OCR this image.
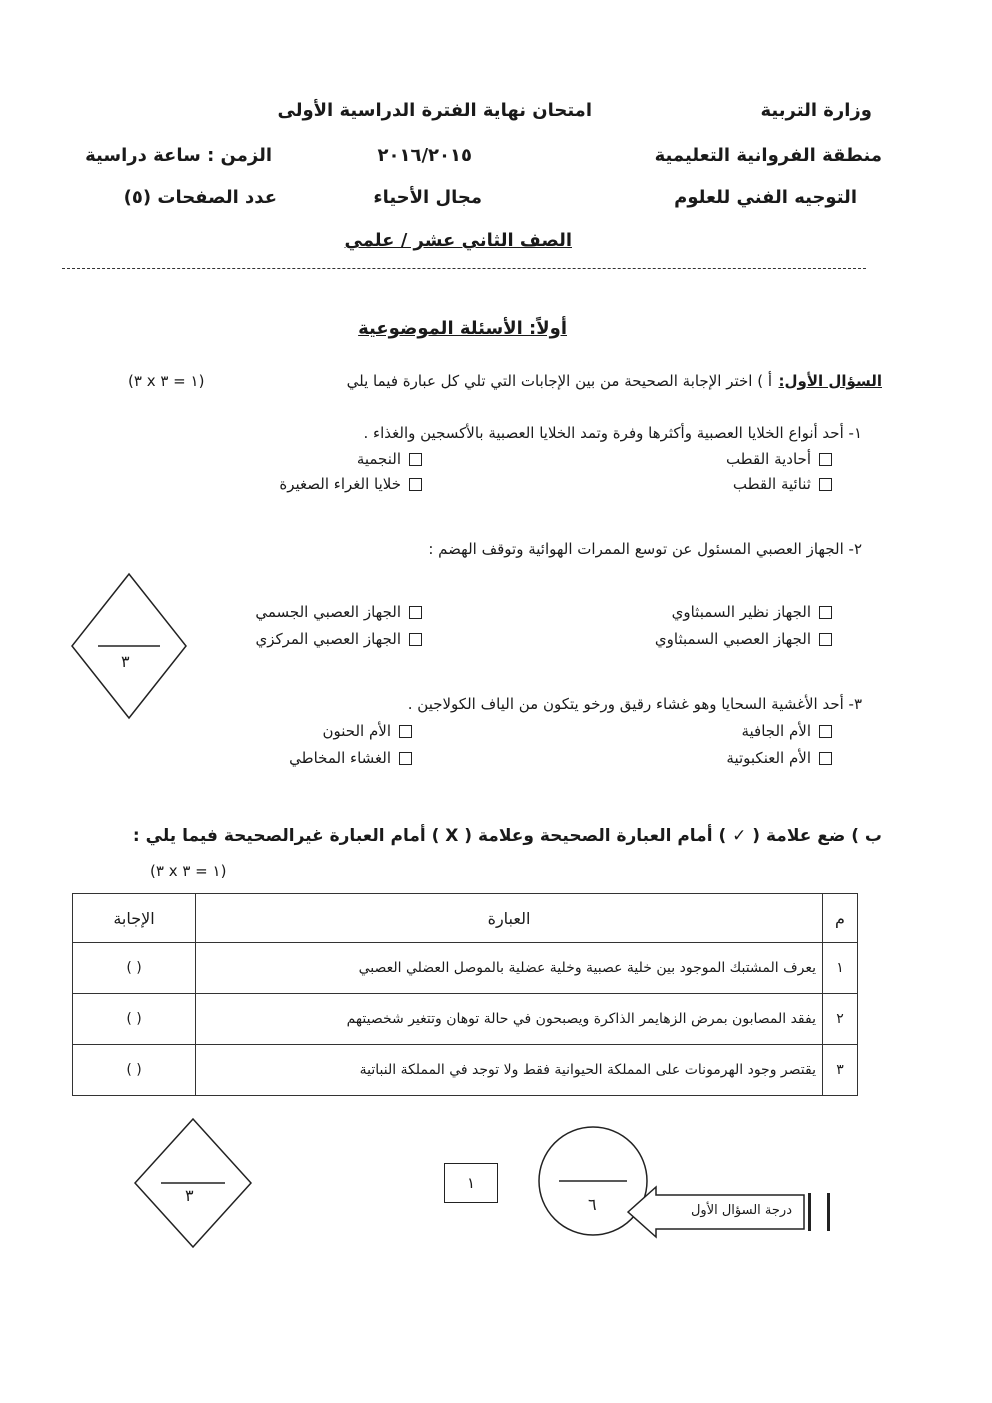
وزارة التربية
امتحان نهاية الفترة الدراسية الأولى
منطقة الفروانية التعليمية
٢٠١٦/٢٠١٥
الزمن : ساعة دراسية
التوجيه الفني للعلوم
مجال الأحياء
عدد الصفحات (٥)
الصف الثاني عشر / علمي
أولاً: الأسئلة الموضوعية
السؤال الأول:
أ ) اختر الإجابة الصحيحة من بين الإجابات التي تلي كل عبارة فيما يلي
(٣ x ١ = ٣)
١- أحد أنواع الخلايا العصبية وأكثرها وفرة وتمد الخلايا العصبية بالأكسجين والغذاء .
أحادية القطب
النجمية
ثنائية القطب
خلايا الغراء الصغيرة
٢- الجهاز العصبي المسئول عن توسع الممرات الهوائية وتوقف الهضم :
الجهاز نظير السمبثاوي
الجهاز العصبي الجسمي
الجهاز العصبي السمبثاوي
الجهاز العصبي المركزي
٣
٣- أحد الأغشية السحايا وهو غشاء رقيق ورخو يتكون من الياف الكولاجين .
الأم الجافية
الأم الحنون
الأم العنكبوتية
الغشاء المخاطي
ب ) ضع علامة ( ✓ ) أمام العبارة الصحيحة وعلامة ( X ) أمام العبارة غيرالصحيحة فيما يلي :
(٣ x ١ = ٣)
م	العبارة	الإجابة
١	يعرف المشتبك الموجود بين خلية عصبية وخلية عضلية بالموصل العضلي العصبي	( )
٢	يفقد المصابون بمرض الزهايمر الذاكرة ويصبحون في حالة توهان وتتغير شخصيتهم	( )
٣	يقتصر وجود الهرمونات على المملكة الحيوانية فقط ولا توجد في المملكة النباتية	( )
٣
١
٦	درجة السؤال الأول
